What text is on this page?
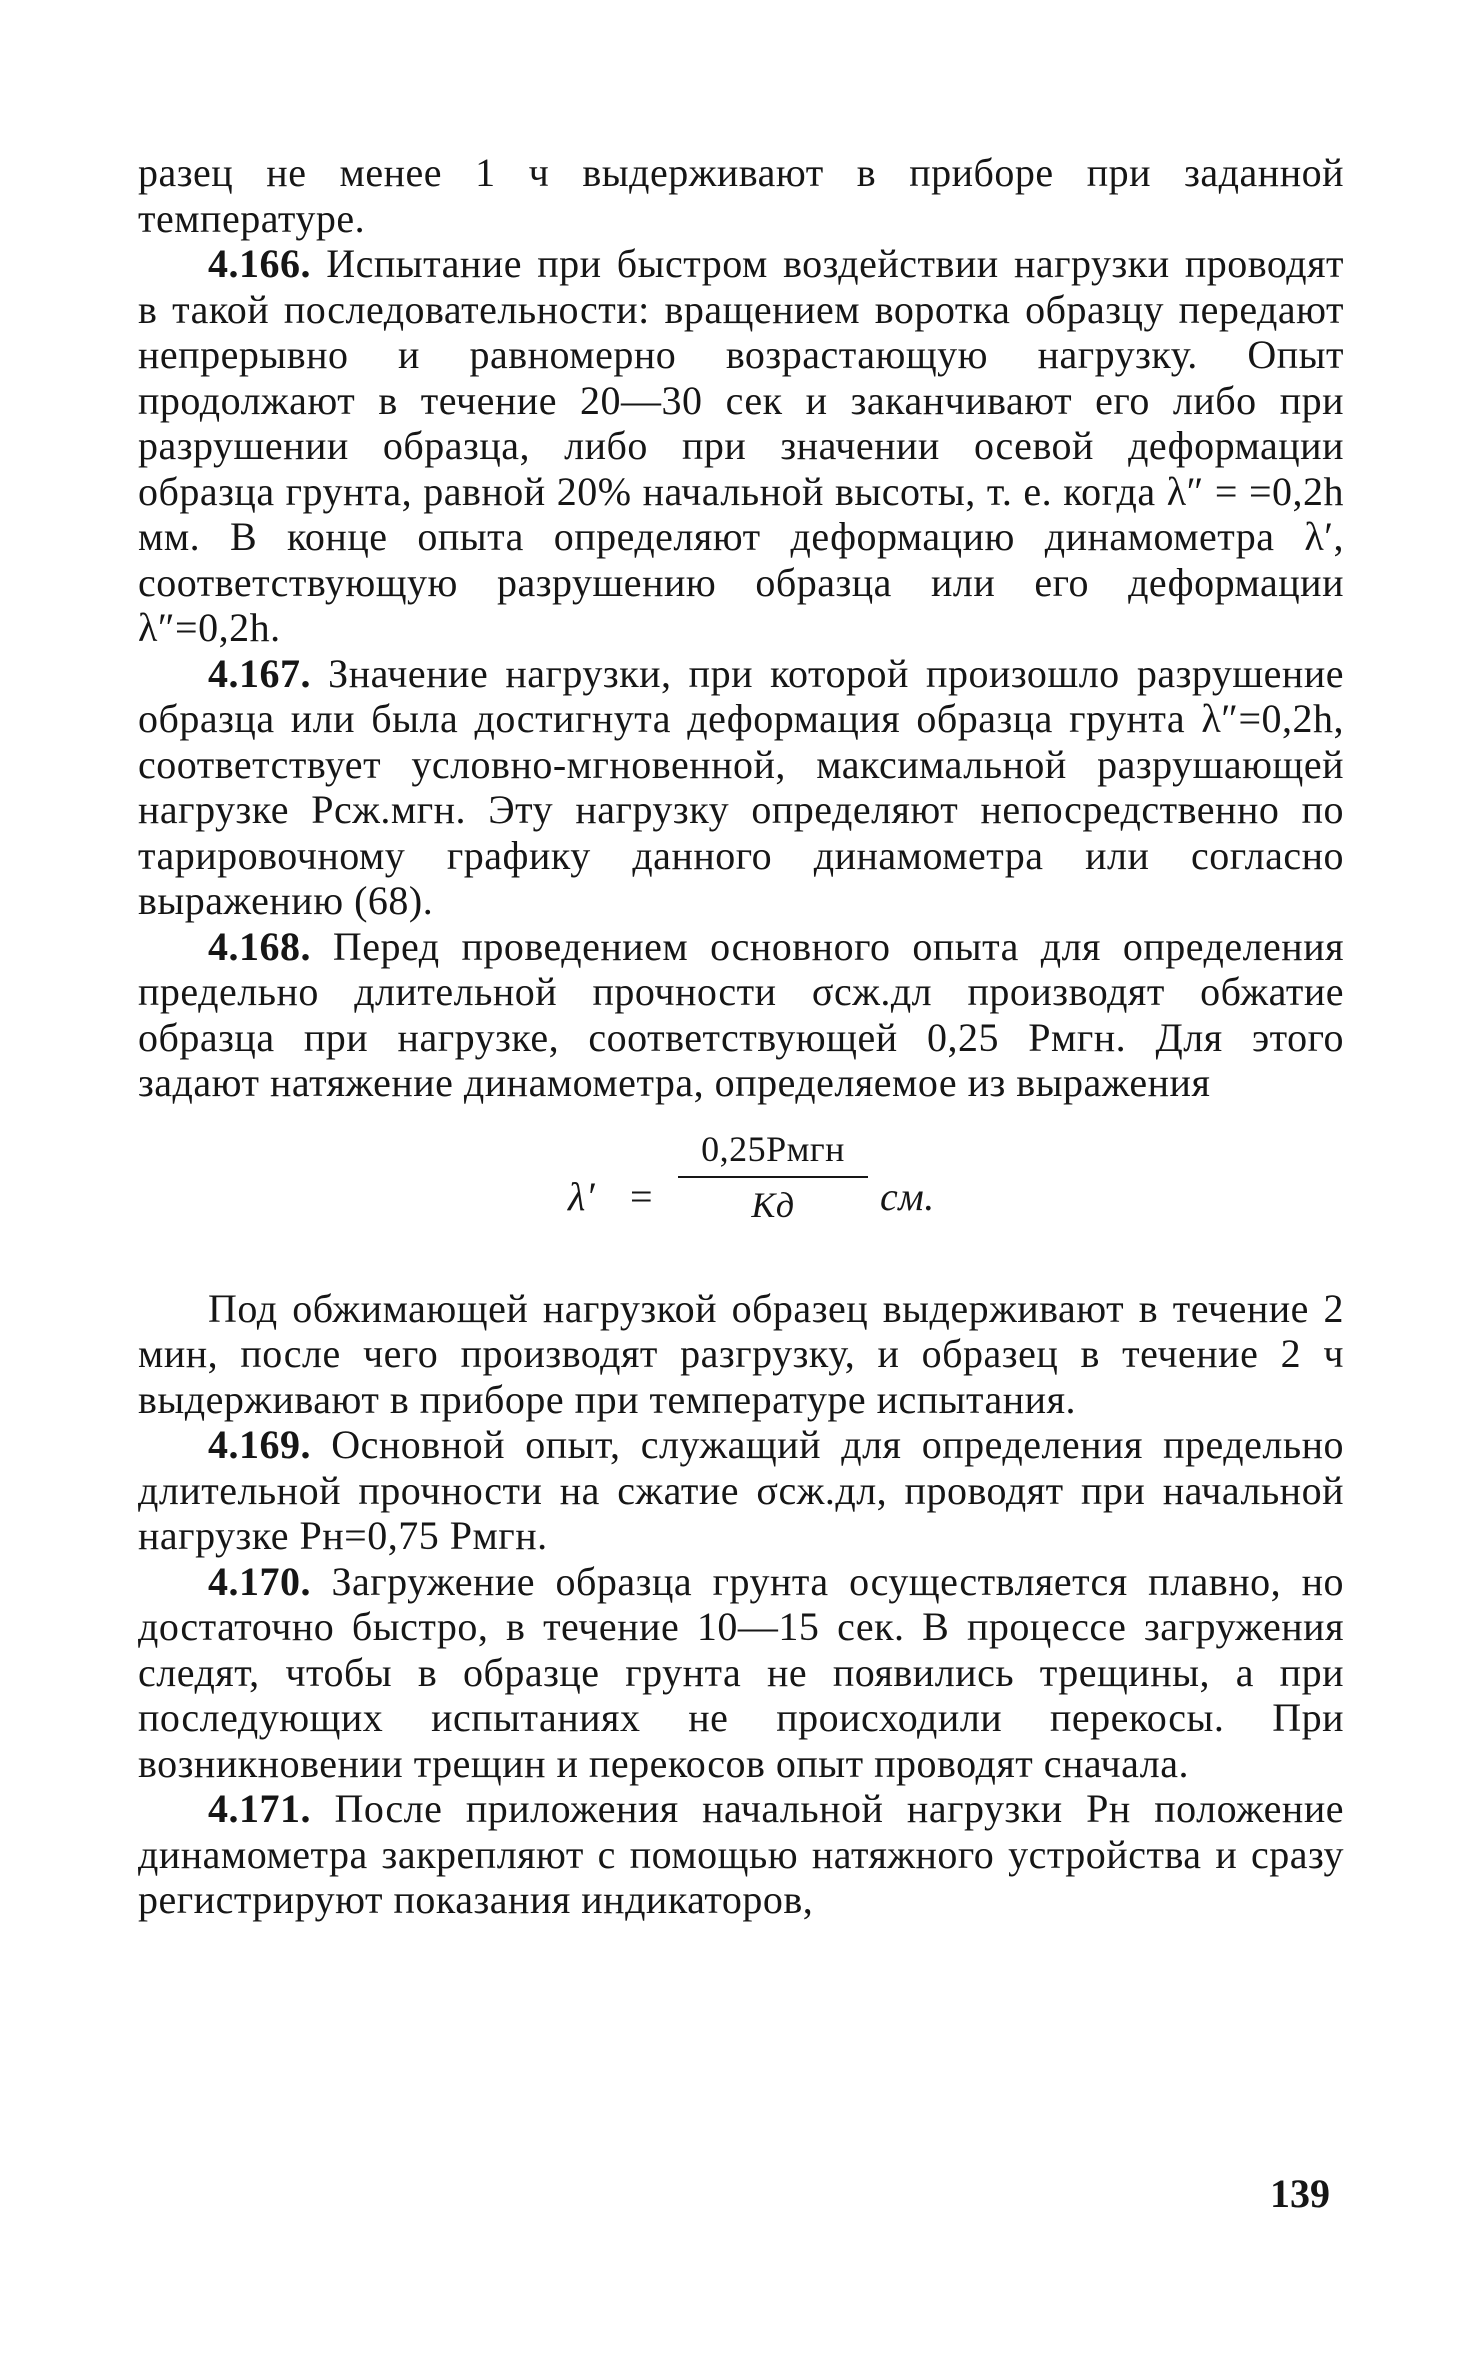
разец не менее 1 ч выдерживают в приборе при заданной температуре.

4.166. Испытание при быстром воздействии нагрузки проводят в такой последовательности: вращением воротка образцу передают непрерывно и равномерно возрастающую нагрузку. Опыт продолжают в течение 20—30 сек и заканчивают его либо при разрушении образца, либо при значении осевой деформации образца грунта, равной 20% начальной высоты, т. е. когда λ″ = =0,2h мм. В конце опыта определяют деформацию динамометра λ′, соответствующую разрушению образца или его деформации λ″=0,2h.

4.167. Значение нагрузки, при которой произошло разрушение образца или была достигнута деформация образца грунта λ″=0,2h, соответствует условно-мгновенной, максимальной разрушающей нагрузке Pсж.мгн. Эту нагрузку определяют непосредственно по тарировочному графику данного динамометра или согласно выражению (68).

4.168. Перед проведением основного опыта для определения предельно длительной прочности σсж.дл производят обжатие образца при нагрузке, соответствующей 0,25 Pмгн. Для этого задают натяжение динамометра, определяемое из выражения

λ′ =
0,25Pмгн
Kд	см.

Под обжимающей нагрузкой образец выдерживают в течение 2 мин, после чего производят разгрузку, и образец в течение 2 ч выдерживают в приборе при температуре испытания.

4.169. Основной опыт, служащий для определения предельно длительной прочности на сжатие σсж.дл, проводят при начальной нагрузке Pн=0,75 Pмгн.

4.170. Загружение образца грунта осуществляется плавно, но достаточно быстро, в течение 10—15 сек. В процессе загружения следят, чтобы в образце грунта не появились трещины, а при последующих испытаниях не происходили перекосы. При возникновении трещин и перекосов опыт проводят сначала.

4.171. После приложения начальной нагрузки Pн положение динамометра закрепляют с помощью натяжного устройства и сразу регистрируют показания индикаторов,

139
